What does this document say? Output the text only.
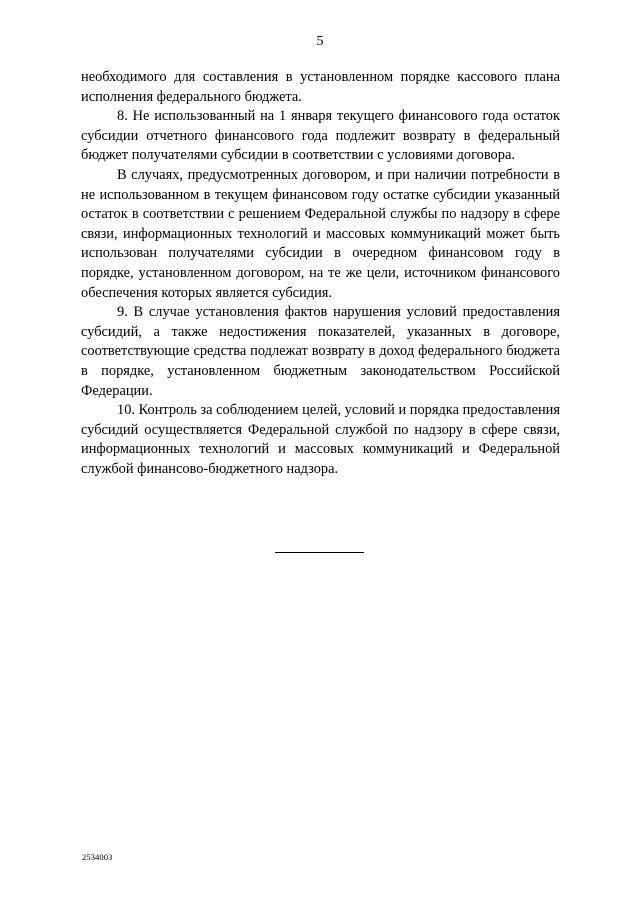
5

необходимого для составления в установленном порядке кассового плана исполнения федерального бюджета.

8. Не использованный на 1 января текущего финансового года остаток субсидии отчетного финансового года подлежит возврату в федеральный бюджет получателями субсидии в соответствии с условиями договора.

В случаях, предусмотренных договором, и при наличии потребности в не использованном в текущем финансовом году остатке субсидии указанный остаток в соответствии с решением Федеральной службы по надзору в сфере связи, информационных технологий и массовых коммуникаций может быть использован получателями субсидии в очередном финансовом году в порядке, установленном договором, на те же цели, источником финансового обеспечения которых является субсидия.

9. В случае установления фактов нарушения условий предоставления субсидий, а также недостижения показателей, указанных в договоре, соответствующие средства подлежат возврату в доход федерального бюджета в порядке, установленном бюджетным законодательством Российской Федерации.

10. Контроль за соблюдением целей, условий и порядка предоставления субсидий осуществляется Федеральной службой по надзору в сфере связи, информационных технологий и массовых коммуникаций и Федеральной службой финансово-бюджетного надзора.

2534003
